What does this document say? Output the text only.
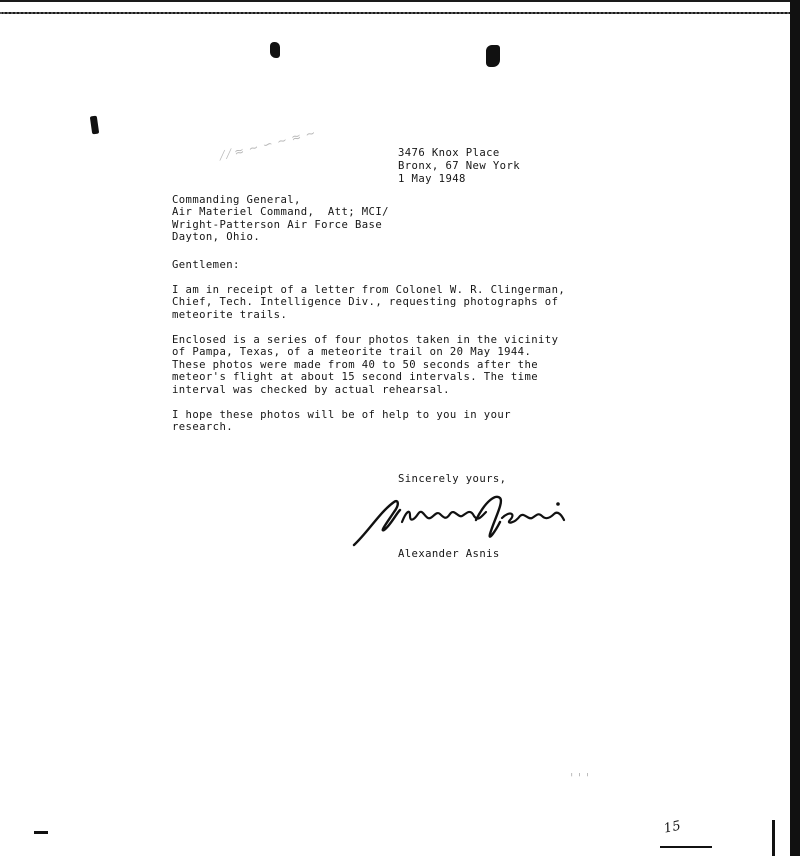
⁄ ⁄ ≈ ∼ ∽ ∼ ≈ ∼	3476 Knox Place
Bronx, 67 New York
1 May 1948
Commanding General,
Air Materiel Command,  Att; MCI/
Wright-Patterson Air Force Base
Dayton, Ohio.
Gentlemen:
I am in receipt of a letter from Colonel W. R. Clingerman,
Chief, Tech. Intelligence Div., requesting photographs of
meteorite trails.
Enclosed is a series of four photos taken in the vicinity
of Pampa, Texas, of a meteorite trail on 20 May 1944.
These photos were made from 40 to 50 seconds after the
meteor's flight at about 15 second intervals. The time
interval was checked by actual rehearsal.
I hope these photos will be of help to you in your
research.
Sincerely yours,
Alexander Asnis
' ' '
15
